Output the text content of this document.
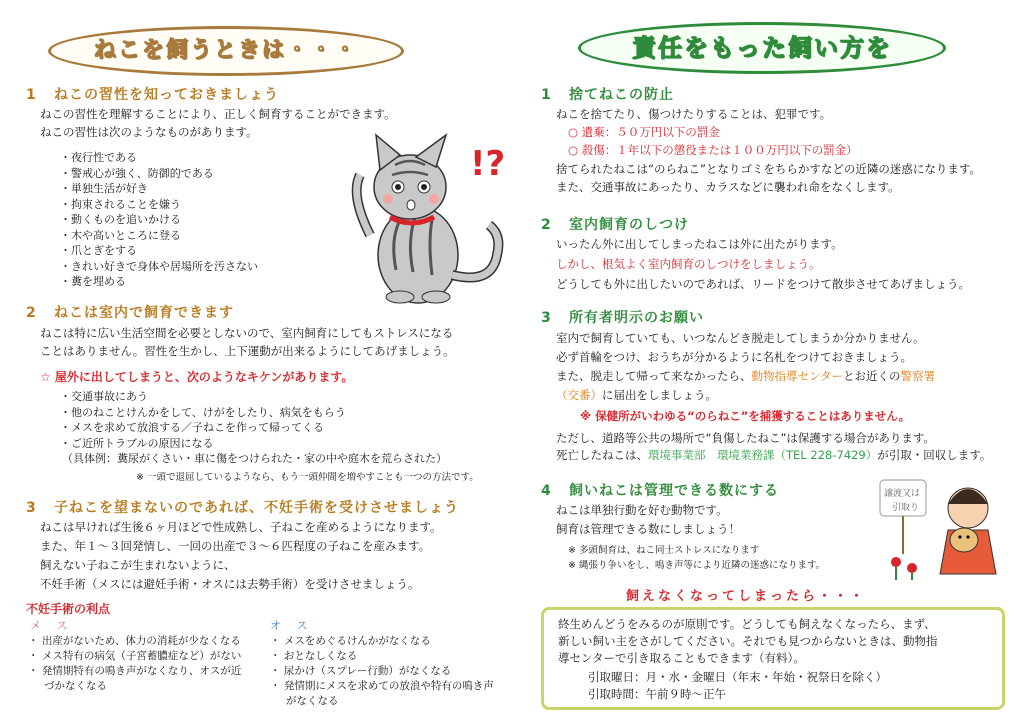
ねこを飼うときは・・・
1 ねこの習性を知っておきましょう
ねこの習性を理解することにより、正しく飼育することができます。
ねこの習性は次のようなものがあります。
・ 夜行性である
・ 警戒心が強く、防御的である
・ 単独生活が好き
・ 拘束されることを嫌う
・ 動くものを追いかける
・ 木や高いところに登る
・ 爪とぎをする
・ きれい好きで身体や居場所を汚さない
・ 糞を埋める
!?
2 ねこは室内で飼育できます
ねこは特に広い生活空間を必要としないので、室内飼育にしてもストレスになる
ことはありません。習性を生かし、上下運動が出来るようにしてあげましょう。
☆ 屋外に出してしまうと、次のようなキケンがあります。
・ 交通事故にあう
・ 他のねことけんかをして、けがをしたり、病気をもらう
・ メスを求めて放浪する／子ねこを作って帰ってくる
・ ご近所トラブルの原因になる
（具体例：糞尿がくさい・車に傷をつけられた・家の中や庭木を荒らされた）
※ 一頭で退屈しているようなら、もう一頭仲間を増やすことも一つの方法です。
3 子ねこを望まないのであれば、不妊手術を受けさせましょう
ねこは早ければ生後６ヶ月ほどで性成熟し、子ねこを産めるようになります。
また、年１～３回発情し、一回の出産で３～６匹程度の子ねこを産みます。
飼えない子ねこが生まれないように、
不妊手術（メスには避妊手術・オスには去勢手術）を受けさせましょう。
不妊手術の利点
メ ス	オ ス
・ 出産がないため、体力の消耗が少なくなる
・ メス特有の病気（子宮蓄膿症など）がない
・ 発情期特有の鳴き声がなくなり、オスが近
づかなくなる
・ メスをめぐるけんかがなくなる
・ おとなしくなる
・ 尿かけ（スプレー行動）がなくなる
・ 発情期にメスを求めての放浪や特有の鳴き声
がなくなる
責任をもった飼い方を
1 捨てねこの防止
ねこを捨てたり、傷つけたりすることは、犯罪です。
○ 遺棄：５０万円以下の罰金
○ 殺傷：１年以下の懲役または１００万円以下の罰金）
捨てられたねこは“のらねこ”となりゴミをちらかすなどの近隣の迷惑になります。
また、交通事故にあったり、カラスなどに襲われ命をなくします。
2 室内飼育のしつけ
いったん外に出してしまったねこは外に出たがります。
しかし、根気よく室内飼育のしつけをしましょう。
どうしても外に出したいのであれば、リードをつけて散歩させてあげましょう。
3 所有者明示のお願い
室内で飼育していても、いつなんどき脱走してしまうか分かりません。
必ず首輪をつけ、おうちが分かるように名札をつけておきましょう。
また、脱走して帰って来なかったら、動物指導センターとお近くの警察署
（交番）に届出をしましょう。
※ 保健所がいわゆる“のらねこ”を捕獲することはありません。
ただし、道路等公共の場所で“負傷したねこ”は保護する場合があります。
死亡したねこは、環境事業部　環境業務課（TEL 228-7429）が引取・回収します。
4 飼いねこは管理できる数にする
ねこは単独行動を好む動物です。
飼育は管理できる数にしましょう！
※ 多頭飼育は、ねこ同士ストレスになります
※ 縄張り争いをし、鳴き声等により近隣の迷惑になります。
譲渡又は
引取り
飼えなくなってしまったら・・・
終生めんどうをみるのが原則です。どうしても飼えなくなったら、まず、
新しい飼い主をさがしてください。それでも見つからないときは、動物指
導センターで引き取ることもできます（有料）。
引取曜日：月・水・金曜日（年末・年始・祝祭日を除く）
引取時間：午前９時～正午
